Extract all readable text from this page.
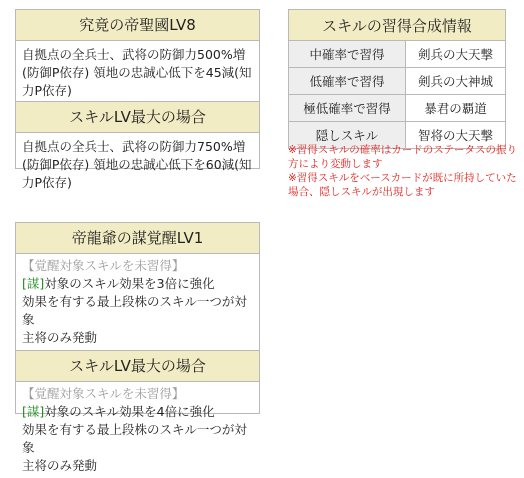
究竟の帝聖國LV8
自拠点の全兵士、武将の防御力500%増(防御P依存) 領地の忠誠心低下を45減(知力P依存)
スキルLV最大の場合
自拠点の全兵士、武将の防御力750%増(防御P依存) 領地の忠誠心低下を60減(知力P依存)
スキルの習得合成情報	
中確率で習得	剣兵の大天撃
低確率で習得	剣兵の大神城
極低確率で習得	暴君の覇道
隠しスキル	智将の大天撃
※習得スキルの確率はカードのステータスの振り方により変動します
※習得スキルをベースカードが既に所持していた場合、隠しスキルが出現します
帝龍爺の謀覚醒LV1
【覚醒対象スキルを未習得】
[謀]対象のスキル効果を3倍に強化
効果を有する最上段株のスキル一つが対象
主将のみ発動
スキルLV最大の場合
【覚醒対象スキルを未習得】
[謀]対象のスキル効果を4倍に強化
効果を有する最上段株のスキル一つが対象
主将のみ発動
